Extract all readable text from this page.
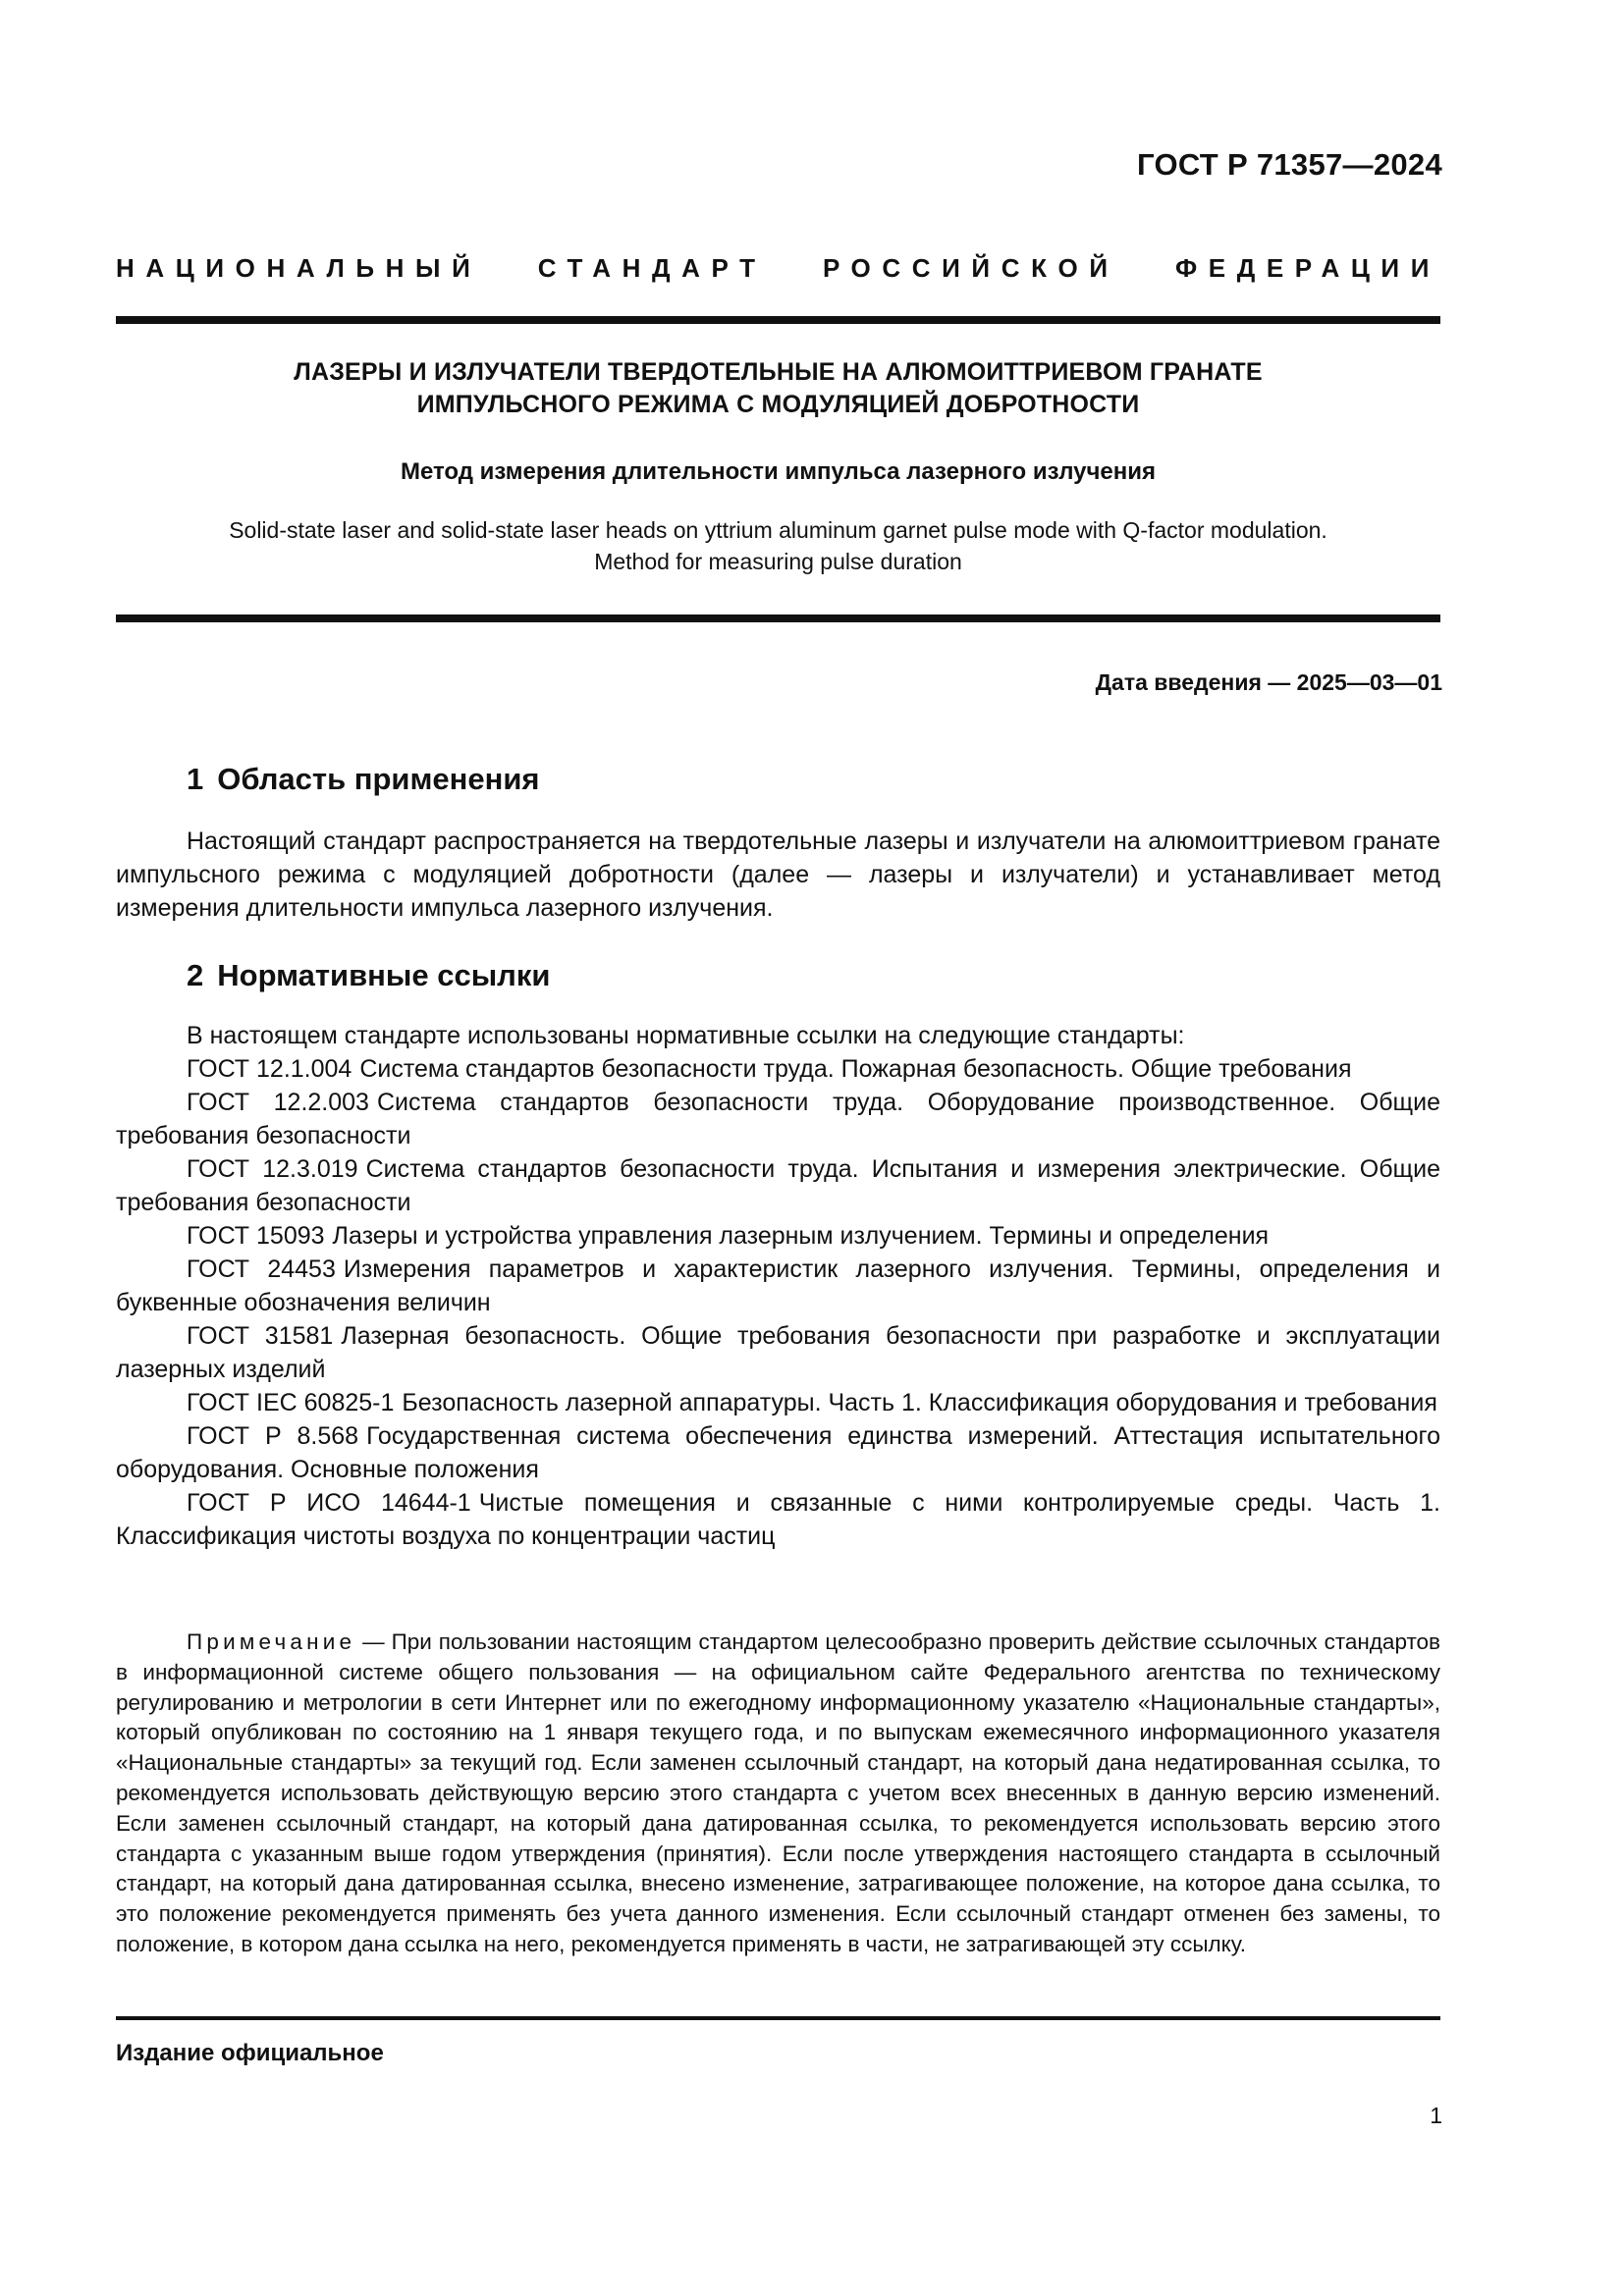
ГОСТ Р 71357—2024
НАЦИОНАЛЬНЫЙ СТАНДАРТ РОССИЙСКОЙ ФЕДЕРАЦИИ
ЛАЗЕРЫ И ИЗЛУЧАТЕЛИ ТВЕРДОТЕЛЬНЫЕ НА АЛЮМОИТТРИЕВОМ ГРАНАТЕ
ИМПУЛЬСНОГО РЕЖИМА С МОДУЛЯЦИЕЙ ДОБРОТНОСТИ
Метод измерения длительности импульса лазерного излучения
Solid-state laser and solid-state laser heads on yttrium aluminum garnet pulse mode with Q-factor modulation.
Method for measuring pulse duration
Дата введения — 2025—03—01
1 Область применения

Настоящий стандарт распространяется на твердотельные лазеры и излучатели на алюмоиттриевом гранате импульсного режима с модуляцией добротности (далее — лазеры и излучатели) и устанавливает метод измерения длительности импульса лазерного излучения.

2 Нормативные ссылки

В настоящем стандарте использованы нормативные ссылки на следующие стандарты:

ГОСТ 12.1.004 Система стандартов безопасности труда. Пожарная безопасность. Общие требования

ГОСТ 12.2.003 Система стандартов безопасности труда. Оборудование производственное. Общие требования безопасности

ГОСТ 12.3.019 Система стандартов безопасности труда. Испытания и измерения электрические. Общие требования безопасности

ГОСТ 15093 Лазеры и устройства управления лазерным излучением. Термины и определения

ГОСТ 24453 Измерения параметров и характеристик лазерного излучения. Термины, определения и буквенные обозначения величин

ГОСТ 31581 Лазерная безопасность. Общие требования безопасности при разработке и эксплуатации лазерных изделий

ГОСТ IEC 60825-1 Безопасность лазерной аппаратуры. Часть 1. Классификация оборудования и требования

ГОСТ Р 8.568 Государственная система обеспечения единства измерений. Аттестация испытательного оборудования. Основные положения

ГОСТ Р ИСО 14644-1 Чистые помещения и связанные с ними контролируемые среды. Часть 1. Классификация чистоты воздуха по концентрации частиц

Примечание — При пользовании настоящим стандартом целесообразно проверить действие ссылочных стандартов в информационной системе общего пользования — на официальном сайте Федерального агентства по техническому регулированию и метрологии в сети Интернет или по ежегодному информационному указателю «Национальные стандарты», который опубликован по состоянию на 1 января текущего года, и по выпускам ежемесячного информационного указателя «Национальные стандарты» за текущий год. Если заменен ссылочный стандарт, на который дана недатированная ссылка, то рекомендуется использовать действующую версию этого стандарта с учетом всех внесенных в данную версию изменений. Если заменен ссылочный стандарт, на который дана датированная ссылка, то рекомендуется использовать версию этого стандарта с указанным выше годом утверждения (принятия). Если после утверждения настоящего стандарта в ссылочный стандарт, на который дана датированная ссылка, внесено изменение, затрагивающее положение, на которое дана ссылка, то это положение рекомендуется применять без учета данного изменения. Если ссылочный стандарт отменен без замены, то положение, в котором дана ссылка на него, рекомендуется применять в части, не затрагивающей эту ссылку.
Издание официальное
1
